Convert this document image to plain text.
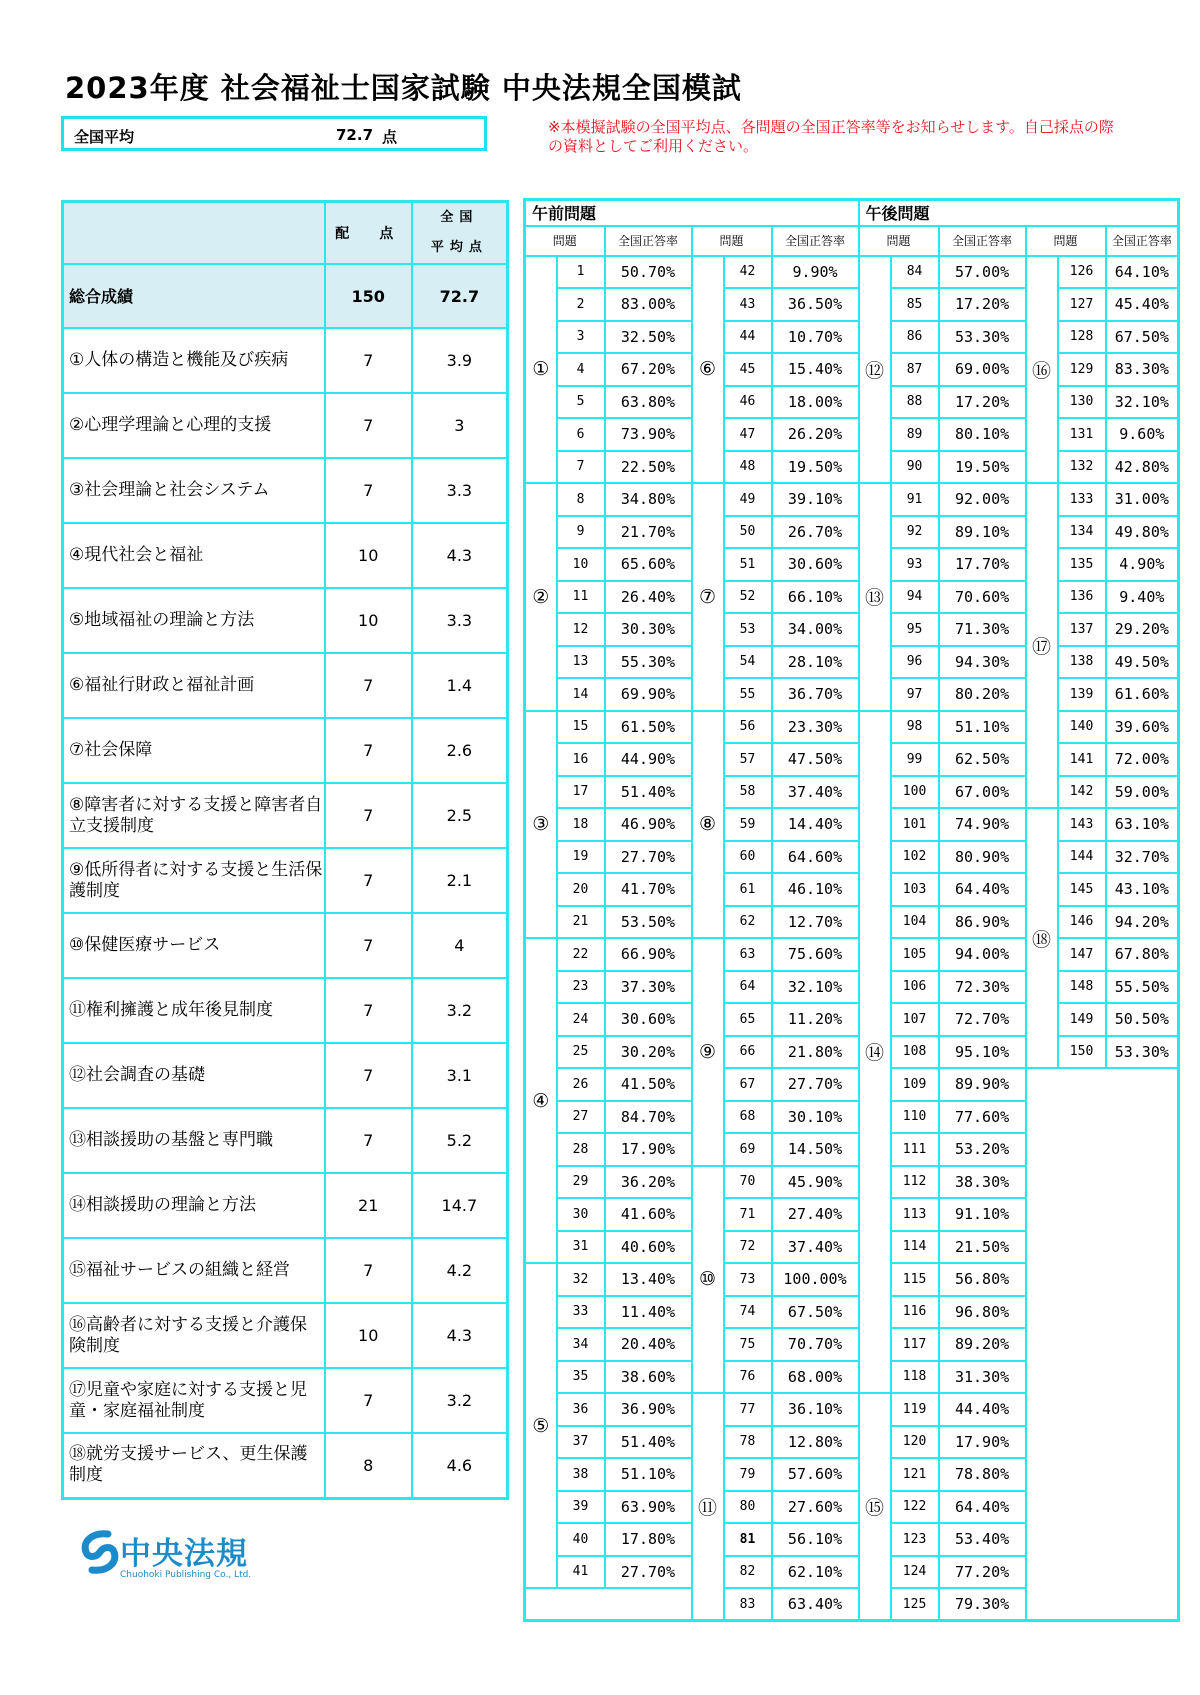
2023年度 社会福祉士国家試験 中央法規全国模試
全国平均	72.7 点
※本模擬試験の全国平均点、各問題の全国正答率等をお知らせします。自己採点の際の資料としてご利用ください。
	配　点	全国
平均点

総合成績	150	72.7
①人体の構造と機能及び疾病	7	3.9
②心理学理論と心理的支援	7	3
③社会理論と社会システム	7	3.3
④現代社会と福祉	10	4.3
⑤地域福祉の理論と方法	10	3.3
⑥福祉行財政と福祉計画	7	1.4
⑦社会保障	7	2.6
⑧障害者に対する支援と障害者自立支援制度	7	2.5
⑨低所得者に対する支援と生活保護制度	7	2.1
⑩保健医療サービス	7	4
⑪権利擁護と成年後見制度	7	3.2
⑫社会調査の基礎	7	3.1
⑬相談援助の基盤と専門職	7	5.2
⑭相談援助の理論と方法	21	14.7
⑮福祉サービスの組織と経営	7	4.2
⑯高齢者に対する支援と介護保険制度	10	4.3
⑰児童や家庭に対する支援と児童・家庭福祉制度	7	3.2
⑱就労支援サービス、更生保護制度	8	4.6
午前問題						午後問題					
問題		全国正答率	問題		全国正答率	問題		全国正答率	問題		全国正答率
①	1	50.70%	⑥	42	9.90%	⑫	84	57.00%	⑯	126	64.10%
	2	83.00%		43	36.50%		85	17.20%		127	45.40%
	3	32.50%		44	10.70%		86	53.30%		128	67.50%
	4	67.20%		45	15.40%		87	69.00%		129	83.30%
	5	63.80%		46	18.00%		88	17.20%		130	32.10%
	6	73.90%		47	26.20%		89	80.10%		131	9.60%
	7	22.50%		48	19.50%		90	19.50%		132	42.80%
②	8	34.80%	⑦	49	39.10%	⑬	91	92.00%	⑰	133	31.00%
	9	21.70%		50	26.70%		92	89.10%		134	49.80%
	10	65.60%		51	30.60%		93	17.70%		135	4.90%
	11	26.40%		52	66.10%		94	70.60%		136	9.40%
	12	30.30%		53	34.00%		95	71.30%		137	29.20%
	13	55.30%		54	28.10%		96	94.30%		138	49.50%
	14	69.90%		55	36.70%		97	80.20%		139	61.60%
③	15	61.50%	⑧	56	23.30%	⑭	98	51.10%		140	39.60%
	16	44.90%		57	47.50%		99	62.50%		141	72.00%
	17	51.40%		58	37.40%		100	67.00%		142	59.00%
	18	46.90%		59	14.40%		101	74.90%	⑱	143	63.10%
	19	27.70%		60	64.60%		102	80.90%		144	32.70%
	20	41.70%		61	46.10%		103	64.40%		145	43.10%
	21	53.50%		62	12.70%		104	86.90%		146	94.20%
④	22	66.90%	⑨	63	75.60%		105	94.00%		147	67.80%
	23	37.30%		64	32.10%		106	72.30%		148	55.50%
	24	30.60%		65	11.20%		107	72.70%		149	50.50%
	25	30.20%		66	21.80%		108	95.10%		150	53.30%
	26	41.50%		67	27.70%		109	89.90%			
	27	84.70%		68	30.10%		110	77.60%			
	28	17.90%		69	14.50%		111	53.20%			
	29	36.20%	⑩	70	45.90%		112	38.30%			
	30	41.60%		71	27.40%		113	91.10%			
	31	40.60%		72	37.40%		114	21.50%			
⑤	32	13.40%		73	100.00%		115	56.80%			
	33	11.40%		74	67.50%		116	96.80%			
	34	20.40%		75	70.70%		117	89.20%			
	35	38.60%		76	68.00%		118	31.30%			
	36	36.90%	⑪	77	36.10%	⑮	119	44.40%			
	37	51.40%		78	12.80%		120	17.90%			
	38	51.10%		79	57.60%		121	78.80%			
	39	63.90%		80	27.60%		122	64.40%			
	40	17.80%		81	56.10%		123	53.40%			
	41	27.70%		82	62.10%		124	77.20%			
				83	63.40%		125	79.30%			
中央法規
Chuohoki Publishing Co., Ltd.
